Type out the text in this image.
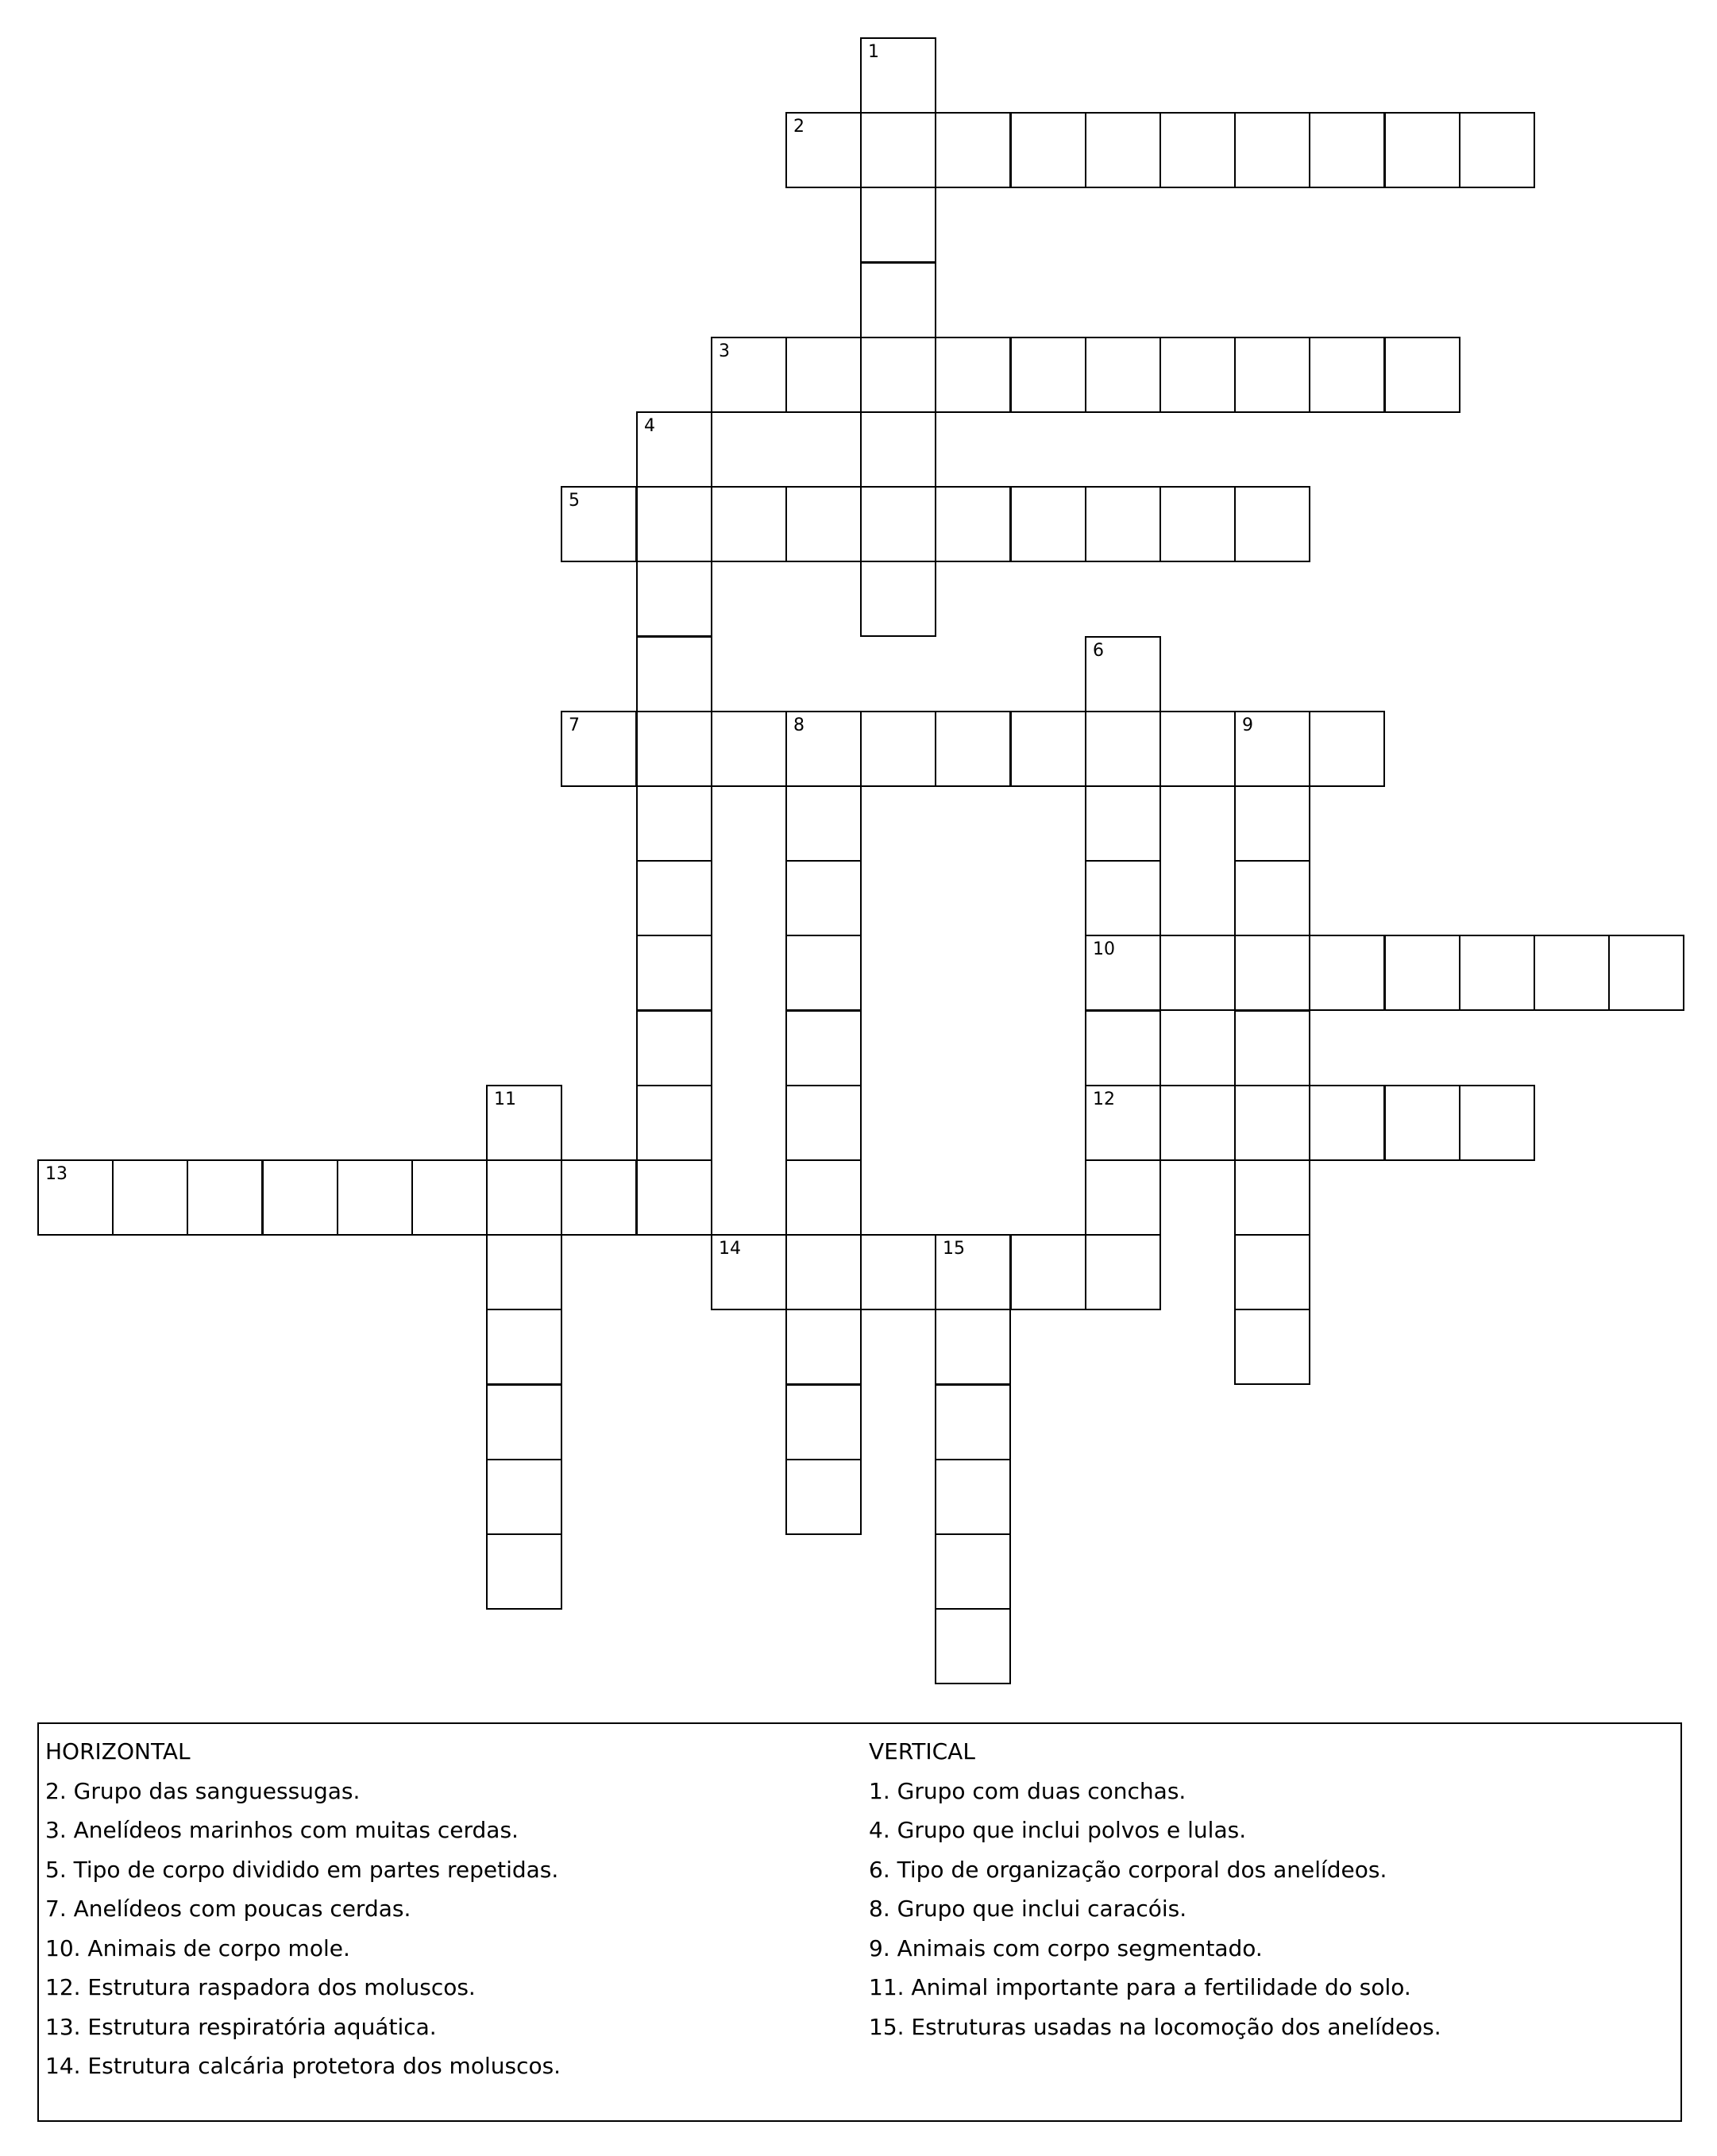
1
2
3
4
5
6
10
12
7	8	9
11
13
14	15
HORIZONTAL
2. Grupo das sanguessugas.
3. Anelídeos marinhos com muitas cerdas.
5. Tipo de corpo dividido em partes repetidas.
7. Anelídeos com poucas cerdas.
10. Animais de corpo mole.
12. Estrutura raspadora dos moluscos.
13. Estrutura respiratória aquática.
14. Estrutura calcária protetora dos moluscos.
VERTICAL
1. Grupo com duas conchas.
4. Grupo que inclui polvos e lulas.
6. Tipo de organização corporal dos anelídeos.
8. Grupo que inclui caracóis.
9. Animais com corpo segmentado.
11. Animal importante para a fertilidade do solo.
15. Estruturas usadas na locomoção dos anelídeos.
